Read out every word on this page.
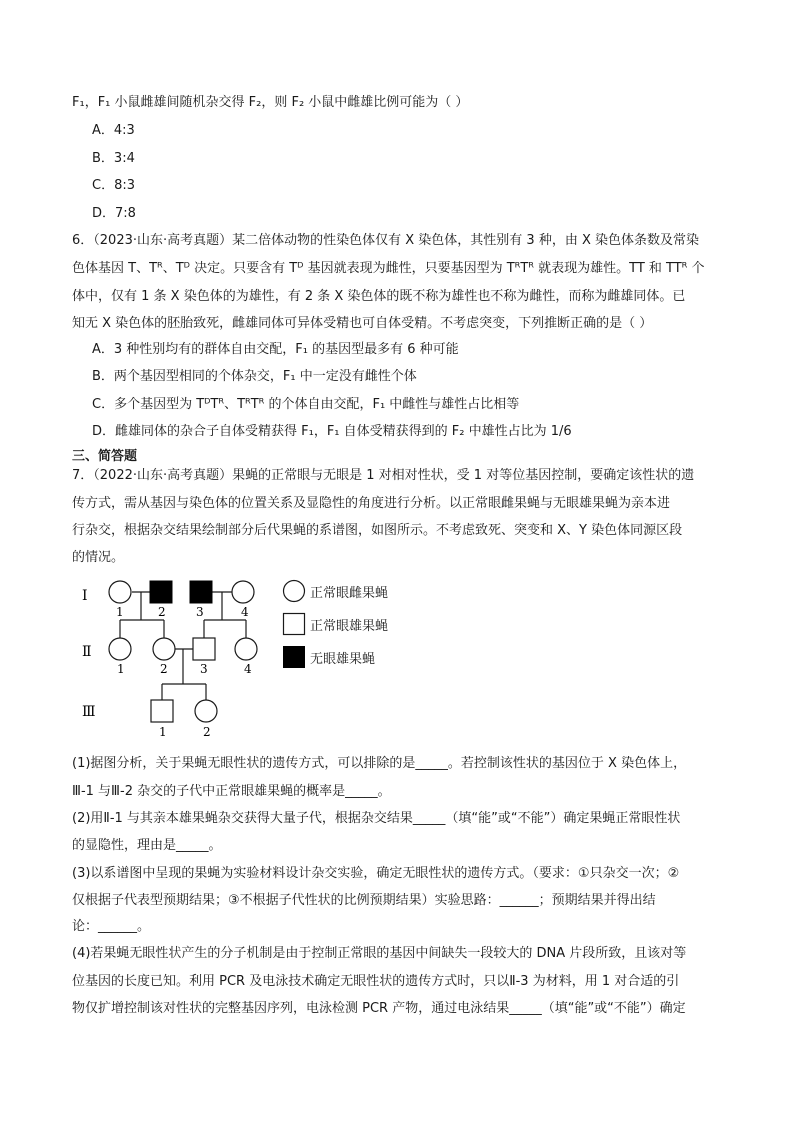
F₁，F₁ 小鼠雌雄间随机杂交得 F₂，则 F₂ 小鼠中雌雄比例可能为（ ）
A．4:3
B．3:4
C．8:3
D．7:8
6．（2023·山东·高考真题）某二倍体动物的性染色体仅有 X 染色体，其性别有 3 种，由 X 染色体条数及常染
色体基因 T、Tᴿ、Tᴰ 决定。只要含有 Tᴰ 基因就表现为雌性，只要基因型为 TᴿTᴿ 就表现为雄性。TT 和 TTᴿ 个
体中，仅有 1 条 X 染色体的为雄性，有 2 条 X 染色体的既不称为雄性也不称为雌性，而称为雌雄同体。已
知无 X 染色体的胚胎致死，雌雄同体可异体受精也可自体受精。不考虑突变，下列推断正确的是（ ）
A．3 种性别均有的群体自由交配，F₁ 的基因型最多有 6 种可能
B．两个基因型相同的个体杂交，F₁ 中一定没有雌性个体
C．多个基因型为 TᴰTᴿ、TᴿTᴿ 的个体自由交配，F₁ 中雌性与雄性占比相等
D．雌雄同体的杂合子自体受精获得 F₁，F₁ 自体受精获得到的 F₂ 中雄性占比为 1/6
三、简答题
7．（2022·山东·高考真题）果蝇的正常眼与无眼是 1 对相对性状，受 1 对等位基因控制，要确定该性状的遗
传方式，需从基因与染色体的位置关系及显隐性的角度进行分析。以正常眼雌果蝇与无眼雄果蝇为亲本进
行杂交，根据杂交结果绘制部分后代果蝇的系谱图，如图所示。不考虑致死、突变和 X、Y 染色体同源区段
的情况。
Ⅰ
Ⅱ
Ⅲ
1	2	3	4
1	2	3	4
1	2
正常眼雌果蝇
正常眼雄果蝇
无眼雄果蝇
(1)据图分析，关于果蝇无眼性状的遗传方式，可以排除的是_____。若控制该性状的基因位于 X 染色体上，
Ⅲ-1 与Ⅲ-2 杂交的子代中正常眼雄果蝇的概率是_____。
(2)用Ⅱ-1 与其亲本雄果蝇杂交获得大量子代，根据杂交结果_____（填“能”或“不能”）确定果蝇正常眼性状
的显隐性，理由是_____。
(3)以系谱图中呈现的果蝇为实验材料设计杂交实验，确定无眼性状的遗传方式。（要求：①只杂交一次；②
仅根据子代表型预期结果；③不根据子代性状的比例预期结果）实验思路：______；预期结果并得出结
论：______。
(4)若果蝇无眼性状产生的分子机制是由于控制正常眼的基因中间缺失一段较大的 DNA 片段所致，且该对等
位基因的长度已知。利用 PCR 及电泳技术确定无眼性状的遗传方式时，只以Ⅱ-3 为材料，用 1 对合适的引
物仅扩增控制该对性状的完整基因序列，电泳检测 PCR 产物，通过电泳结果_____（填“能”或“不能”）确定
